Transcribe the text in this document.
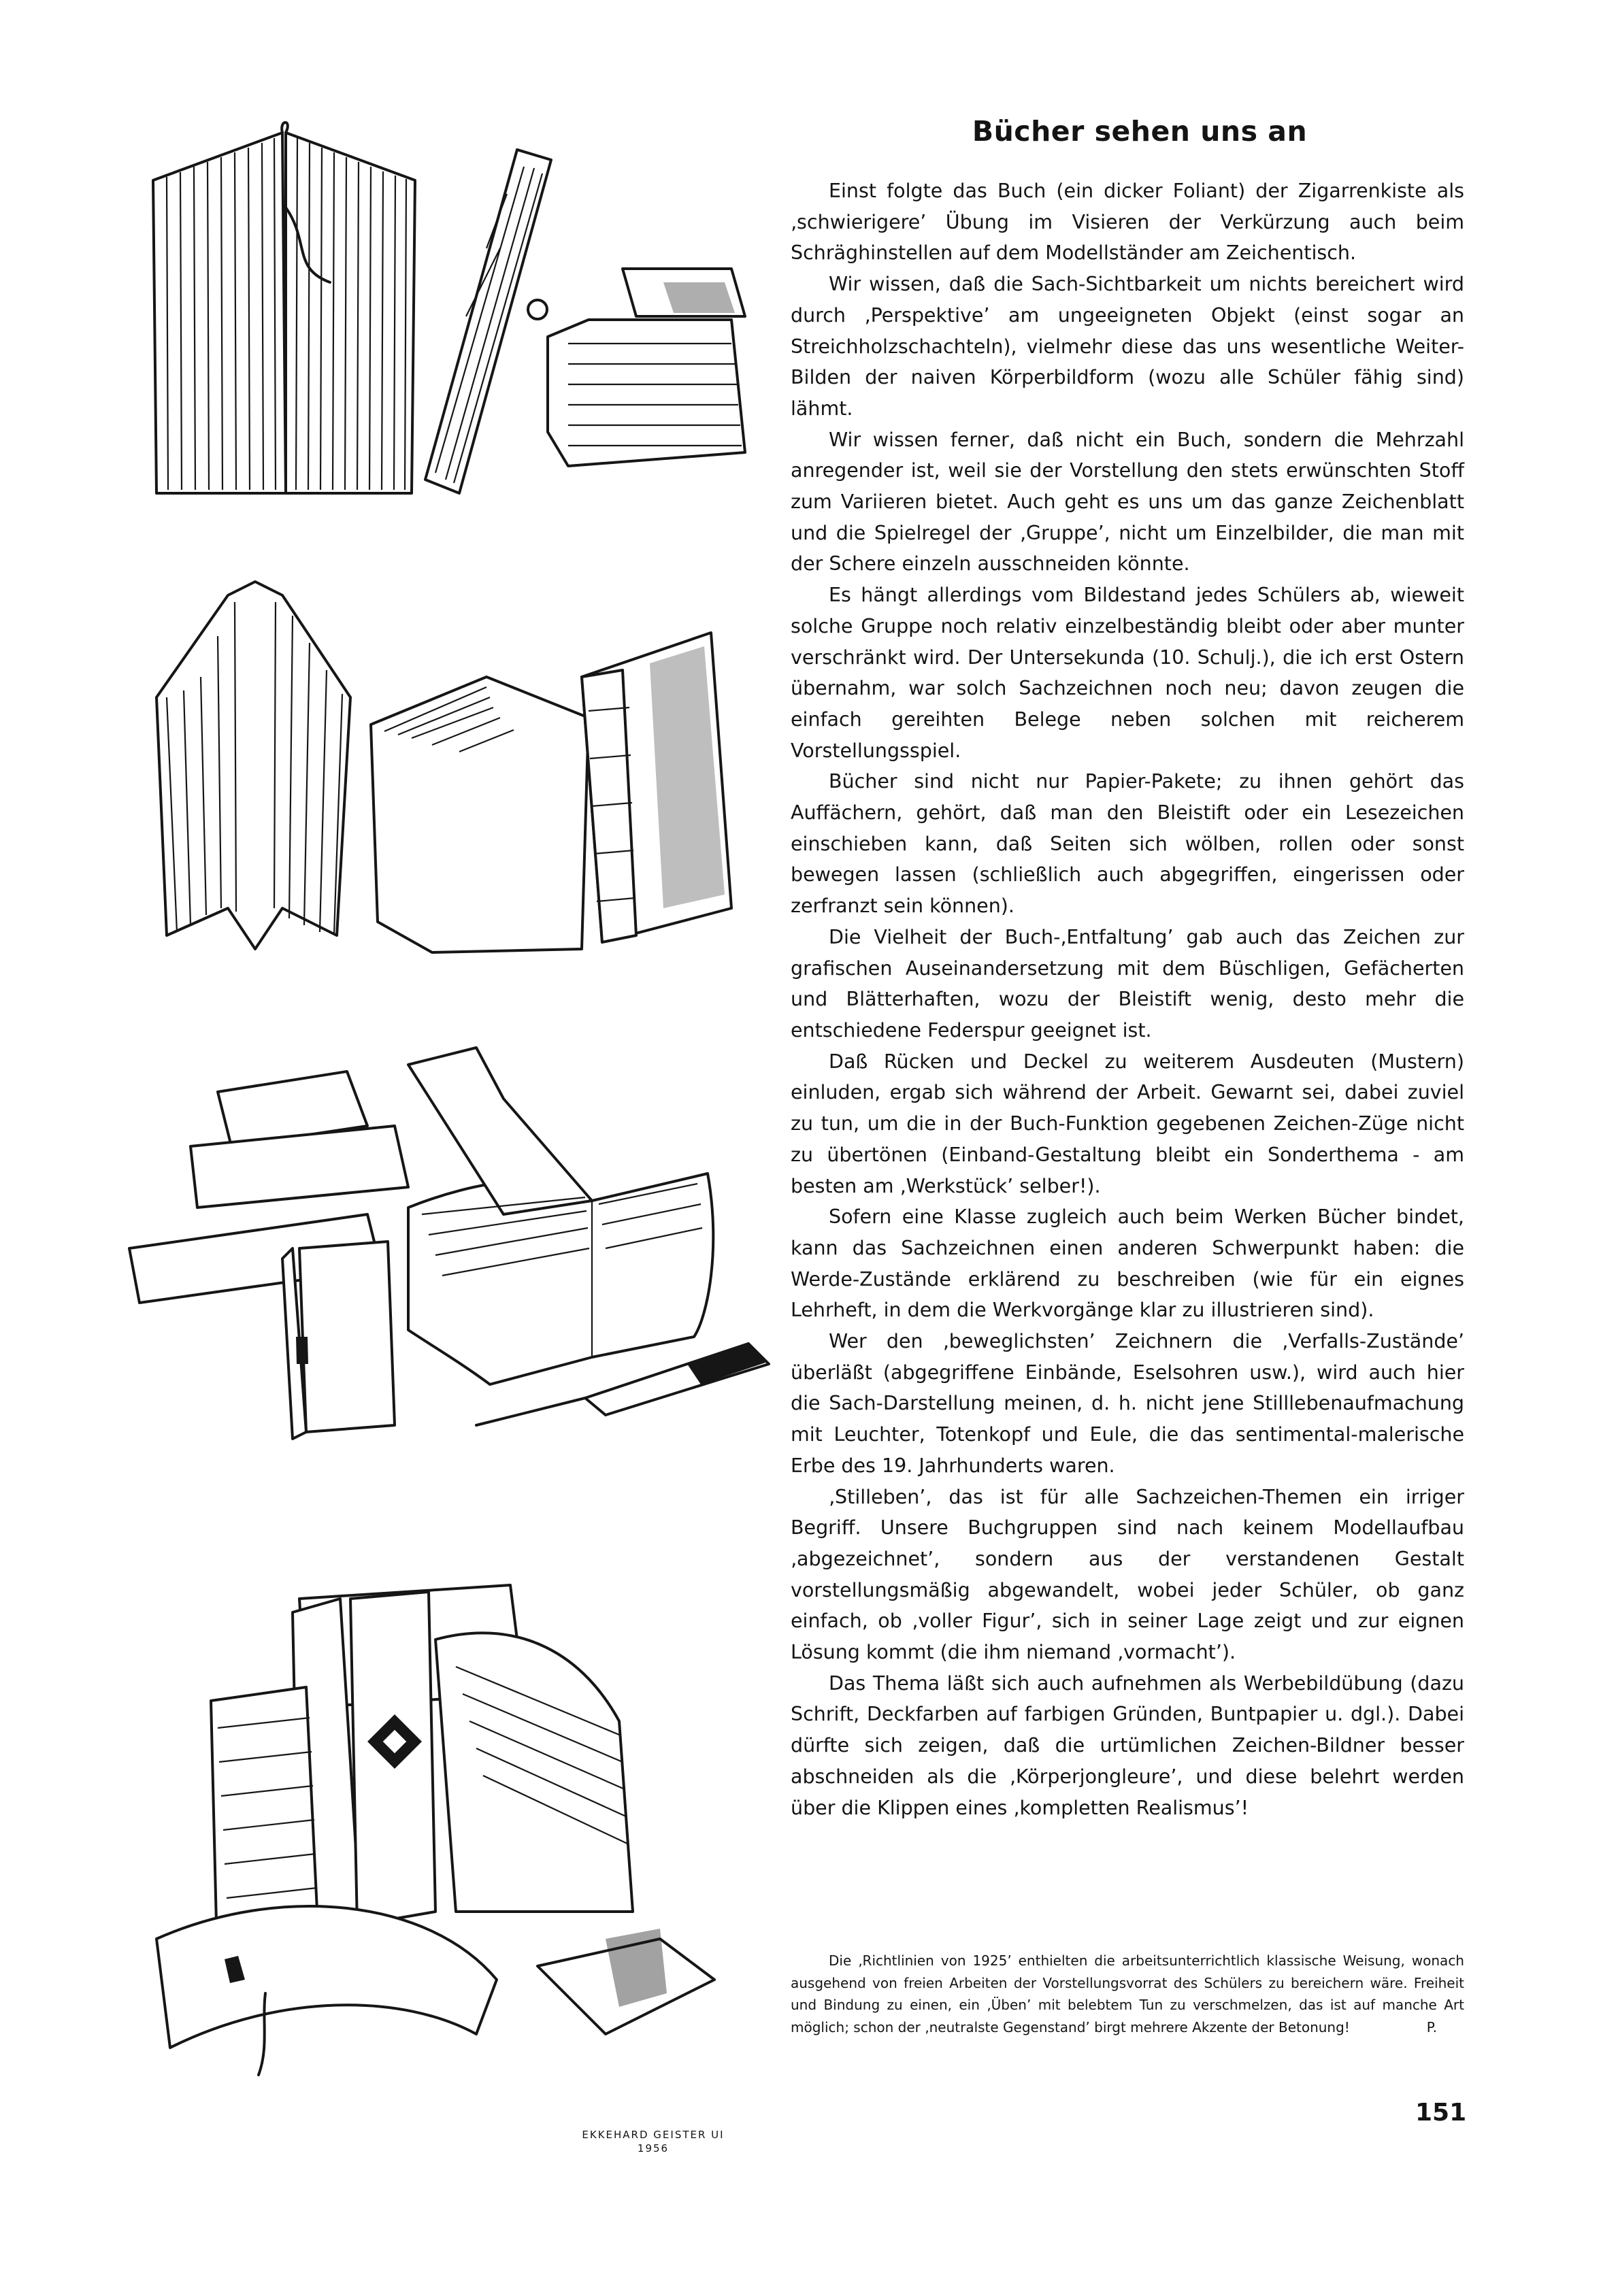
EKKEHARD GEISTER UI
1956
Bücher sehen uns an

Einst folgte das Buch (ein dicker Foliant) der Zigarrenkiste als ‚schwierigere’ Übung im Visieren der Verkürzung auch beim Schräghinstellen auf dem Modellständer am Zeichentisch.

Wir wissen, daß die Sach-Sichtbarkeit um nichts bereichert wird durch ‚Perspektive’ am ungeeigneten Objekt (einst sogar an Streichholzschachteln), vielmehr diese das uns wesentliche Weiter-Bilden der naiven Körperbildform (wozu alle Schüler fähig sind) lähmt.

Wir wissen ferner, daß nicht ein Buch, sondern die Mehrzahl anregender ist, weil sie der Vorstellung den stets erwünschten Stoff zum Variieren bietet. Auch geht es uns um das ganze Zeichenblatt und die Spielregel der ‚Gruppe’, nicht um Einzelbilder, die man mit der Schere einzeln ausschneiden könnte.

Es hängt allerdings vom Bildestand jedes Schülers ab, wieweit solche Gruppe noch relativ einzelbeständig bleibt oder aber munter verschränkt wird. Der Untersekunda (10. Schulj.), die ich erst Ostern übernahm, war solch Sachzeichnen noch neu; davon zeugen die einfach gereihten Belege neben solchen mit reicherem Vorstellungsspiel.

Bücher sind nicht nur Papier-Pakete; zu ihnen gehört das Auffächern, gehört, daß man den Bleistift oder ein Lesezeichen einschieben kann, daß Seiten sich wölben, rollen oder sonst bewegen lassen (schließlich auch abgegriffen, eingerissen oder zerfranzt sein können).

Die Vielheit der Buch-‚Entfaltung’ gab auch das Zeichen zur grafischen Auseinandersetzung mit dem Büschligen, Gefächerten und Blätterhaften, wozu der Bleistift wenig, desto mehr die entschiedene Federspur geeignet ist.

Daß Rücken und Deckel zu weiterem Ausdeuten (Mustern) einluden, ergab sich während der Arbeit. Gewarnt sei, dabei zuviel zu tun, um die in der Buch-Funktion gegebenen Zeichen-Züge nicht zu übertönen (Einband-Gestaltung bleibt ein Sonderthema - am besten am ‚Werkstück’ selber!).

Sofern eine Klasse zugleich auch beim Werken Bücher bindet, kann das Sachzeichnen einen anderen Schwerpunkt haben: die Werde-Zustände erklärend zu beschreiben (wie für ein eignes Lehrheft, in dem die Werkvorgänge klar zu illustrieren sind).

Wer den ‚beweglichsten’ Zeichnern die ‚Verfalls-Zustände’ überläßt (abgegriffene Einbände, Eselsohren usw.), wird auch hier die Sach-Darstellung meinen, d. h. nicht jene Stilllebenaufmachung mit Leuchter, Totenkopf und Eule, die das sentimental-malerische Erbe des 19. Jahrhunderts waren.

‚Stilleben’, das ist für alle Sachzeichen-Themen ein irriger Begriff. Unsere Buchgruppen sind nach keinem Modellaufbau ‚abgezeichnet’, sondern aus der verstandenen Gestalt vorstellungsmäßig abgewandelt, wobei jeder Schüler, ob ganz einfach, ob ‚voller Figur’, sich in seiner Lage zeigt und zur eignen Lösung kommt (die ihm niemand ‚vormacht’).

Das Thema läßt sich auch aufnehmen als Werbebildübung (dazu Schrift, Deckfarben auf farbigen Gründen, Buntpapier u. dgl.). Dabei dürfte sich zeigen, daß die urtümlichen Zeichen-Bildner besser abschneiden als die ‚Körperjongleure’, und diese belehrt werden über die Klippen eines ‚kompletten Realismus’!

Die ‚Richtlinien von 1925’ enthielten die arbeitsunterrichtlich klassische Weisung, wonach ausgehend von freien Arbeiten der Vorstellungsvorrat des Schülers zu bereichern wäre. Freiheit und Bindung zu einen, ein ‚Üben’ mit belebtem Tun zu verschmelzen, das ist auf manche Art möglich; schon der ‚neutralste Gegenstand’ birgt mehrere Akzente der Betonung!	P.

151
